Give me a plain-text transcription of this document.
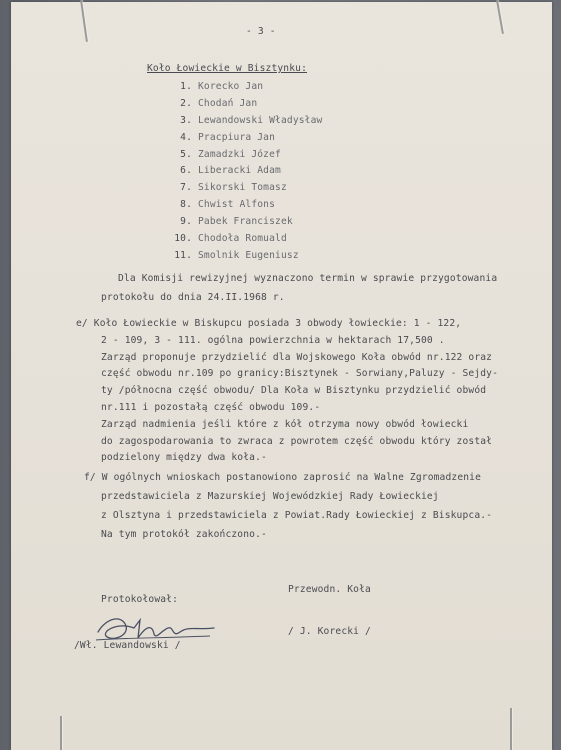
- 3 -
Koło Łowieckie w Bisztynku:
1. Korecko Jan
2. Chodań Jan
3. Lewandowski Władysław
4. Pracpiura Jan
5. Zamadzki Józef
6. Liberacki Adam
7. Sikorski Tomasz
8. Chwist Alfons
9. Pabek Franciszek
10. Chodoła Romuald
11. Smolnik Eugeniusz
Dla Komisji rewizyjnej wyznaczono termin w sprawie przygotowania
protokołu do dnia 24.II.1968 r.
e/ Koło Łowieckie w Biskupcu posiada 3 obwody łowieckie: 1 - 122,
2 - 109, 3 - 111. ogólna powierzchnia w hektarach 17,500 .
Zarząd proponuje przydzielić dla Wojskowego Koła obwód nr.122 oraz
część obwodu nr.109 po granicy:Bisztynek - Sorwiany,Paluzy - Sejdy-
ty /północna część obwodu/ Dla Koła w Bisztynku przydzielić obwód
nr.111 i pozostałą część obwodu 109.-
Zarząd nadmienia jeśli które z kół otrzyma nowy obwód łowiecki
do zagospodarowania to zwraca z powrotem część obwodu który został
podzielony między dwa koła.-
f/ W ogólnych wnioskach postanowiono zaprosić na Walne Zgromadzenie
przedstawiciela z Mazurskiej Wojewódzkiej Rady Łowieckiej
z Olsztyna i przedstawiciela z Powiat.Rady Łowieckiej z Biskupca.-
Na tym protokół zakończono.-
Protokołował:
Przewodn. Koła
/Wł. Lewandowski /
/ J. Korecki /
